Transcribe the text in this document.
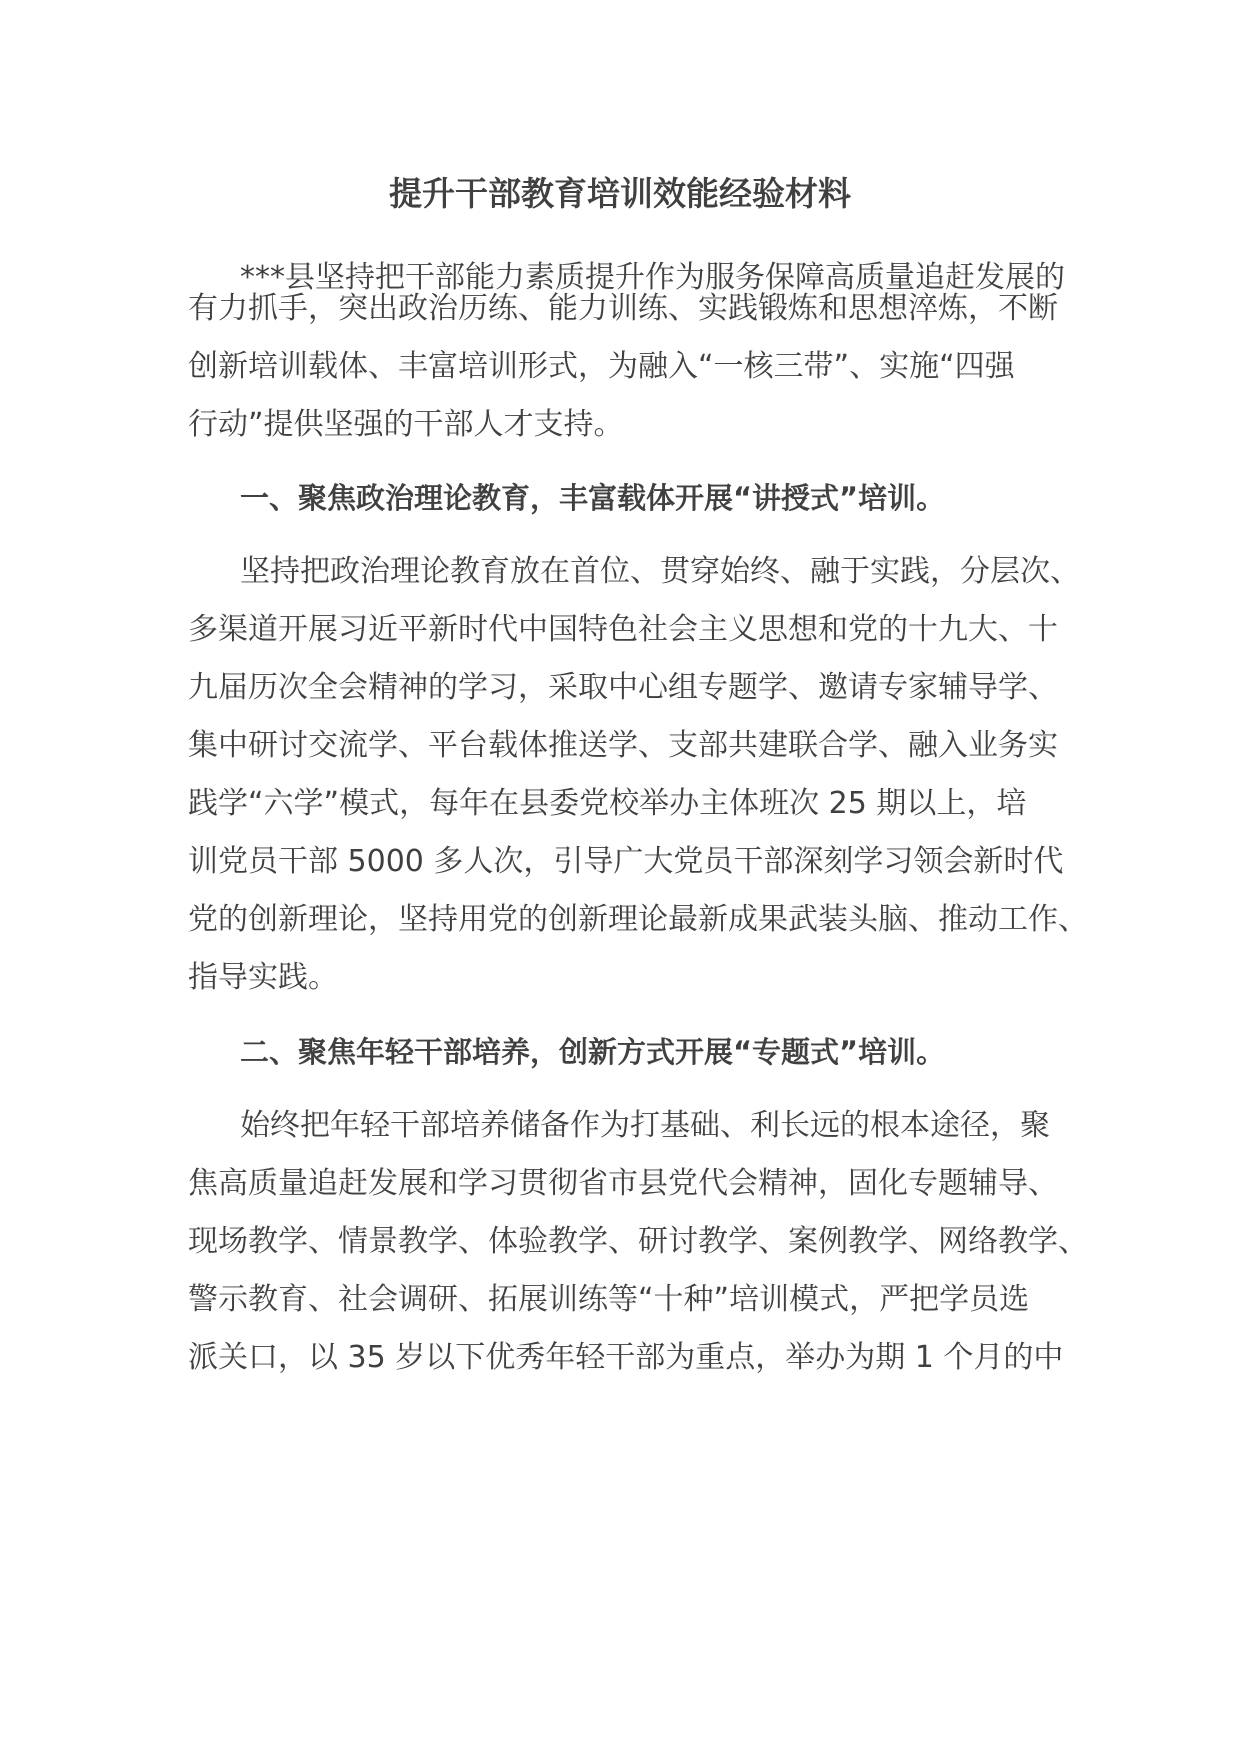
提升干部教育培训效能经验材料
***县坚持把干部能力素质提升作为服务保障高质量追赶发展的
有力抓手，突出政治历练、能力训练、实践锻炼和思想淬炼，不断
创新培训载体、丰富培训形式，为融入“一核三带”、实施“四强
行动”提供坚强的干部人才支持。
一、聚焦政治理论教育，丰富载体开展“讲授式”培训。
坚持把政治理论教育放在首位、贯穿始终、融于实践，分层次、
多渠道开展习近平新时代中国特色社会主义思想和党的十九大、十
九届历次全会精神的学习，采取中心组专题学、邀请专家辅导学、
集中研讨交流学、平台载体推送学、支部共建联合学、融入业务实
践学“六学”模式，每年在县委党校举办主体班次 25 期以上，培
训党员干部 5000 多人次，引导广大党员干部深刻学习领会新时代
党的创新理论，坚持用党的创新理论最新成果武装头脑、推动工作、
指导实践。
二、聚焦年轻干部培养，创新方式开展“专题式”培训。
始终把年轻干部培养储备作为打基础、利长远的根本途径，聚
焦高质量追赶发展和学习贯彻省市县党代会精神，固化专题辅导、
现场教学、情景教学、体验教学、研讨教学、案例教学、网络教学、
警示教育、社会调研、拓展训练等“十种”培训模式，严把学员选
派关口，以 35 岁以下优秀年轻干部为重点，举办为期 1 个月的中
